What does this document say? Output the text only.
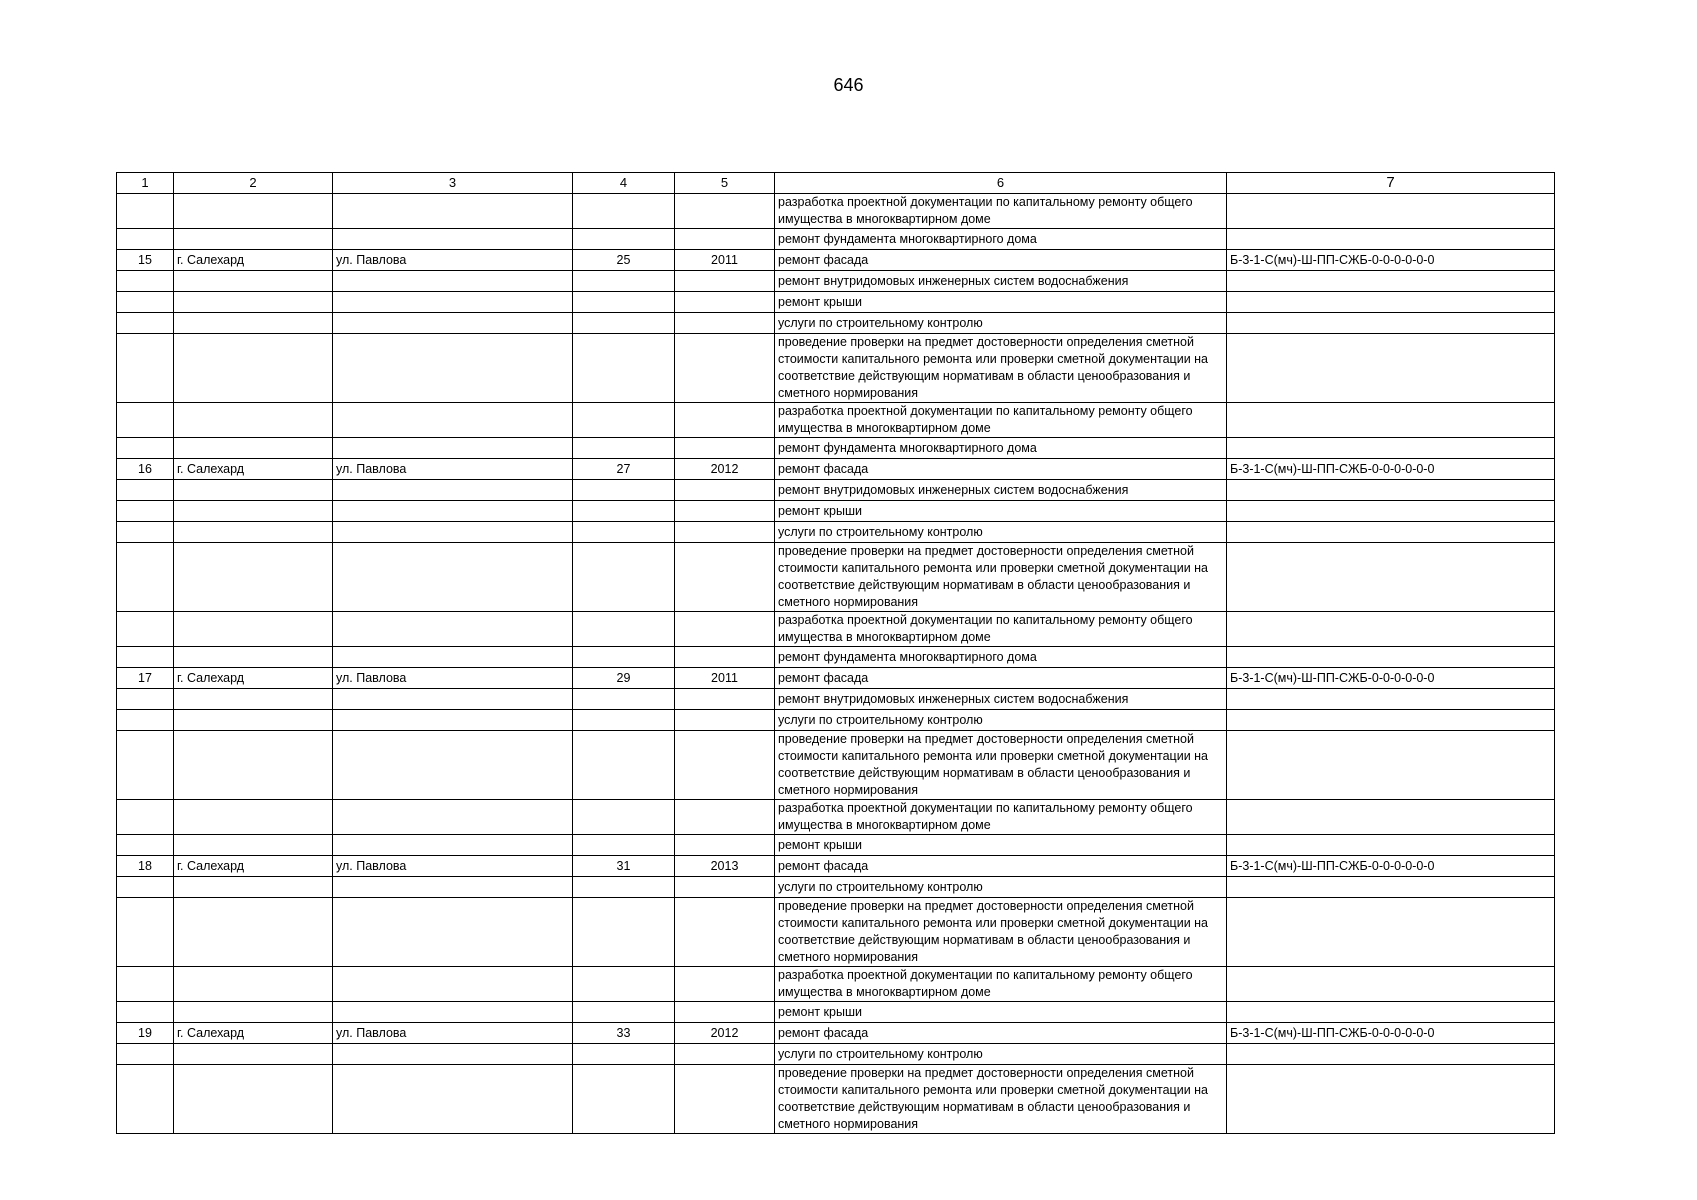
646
1	2	3	4	5	6	7
					разработка проектной документации по капитальному ремонту общего имущества в многоквартирном доме	
					ремонт фундамента многоквартирного дома	
15	г. Салехард	ул. Павлова	25	2011	ремонт фасада	Б-3-1-С(мч)-Ш-ПП-СЖБ-0-0-0-0-0-0
					ремонт внутридомовых инженерных систем водоснабжения	
					ремонт крыши	
					услуги по строительному контролю	
					проведение проверки на предмет достоверности определения сметной стоимости капитального ремонта или проверки сметной документации на соответствие действующим нормативам в области ценообразования и сметного нормирования	
					разработка проектной документации по капитальному ремонту общего имущества в многоквартирном доме	
					ремонт фундамента многоквартирного дома	
16	г. Салехард	ул. Павлова	27	2012	ремонт фасада	Б-3-1-С(мч)-Ш-ПП-СЖБ-0-0-0-0-0-0
					ремонт внутридомовых инженерных систем водоснабжения	
					ремонт крыши	
					услуги по строительному контролю	
					проведение проверки на предмет достоверности определения сметной стоимости капитального ремонта или проверки сметной документации на соответствие действующим нормативам в области ценообразования и сметного нормирования	
					разработка проектной документации по капитальному ремонту общего имущества в многоквартирном доме	
					ремонт фундамента многоквартирного дома	
17	г. Салехард	ул. Павлова	29	2011	ремонт фасада	Б-3-1-С(мч)-Ш-ПП-СЖБ-0-0-0-0-0-0
					ремонт внутридомовых инженерных систем водоснабжения	
					услуги по строительному контролю	
					проведение проверки на предмет достоверности определения сметной стоимости капитального ремонта или проверки сметной документации на соответствие действующим нормативам в области ценообразования и сметного нормирования	
					разработка проектной документации по капитальному ремонту общего имущества в многоквартирном доме	
					ремонт крыши	
18	г. Салехард	ул. Павлова	31	2013	ремонт фасада	Б-3-1-С(мч)-Ш-ПП-СЖБ-0-0-0-0-0-0
					услуги по строительному контролю	
					проведение проверки на предмет достоверности определения сметной стоимости капитального ремонта или проверки сметной документации на соответствие действующим нормативам в области ценообразования и сметного нормирования	
					разработка проектной документации по капитальному ремонту общего имущества в многоквартирном доме	
					ремонт крыши	
19	г. Салехард	ул. Павлова	33	2012	ремонт фасада	Б-3-1-С(мч)-Ш-ПП-СЖБ-0-0-0-0-0-0
					услуги по строительному контролю	
					проведение проверки на предмет достоверности определения сметной стоимости капитального ремонта или проверки сметной документации на соответствие действующим нормативам в области ценообразования и сметного нормирования	
